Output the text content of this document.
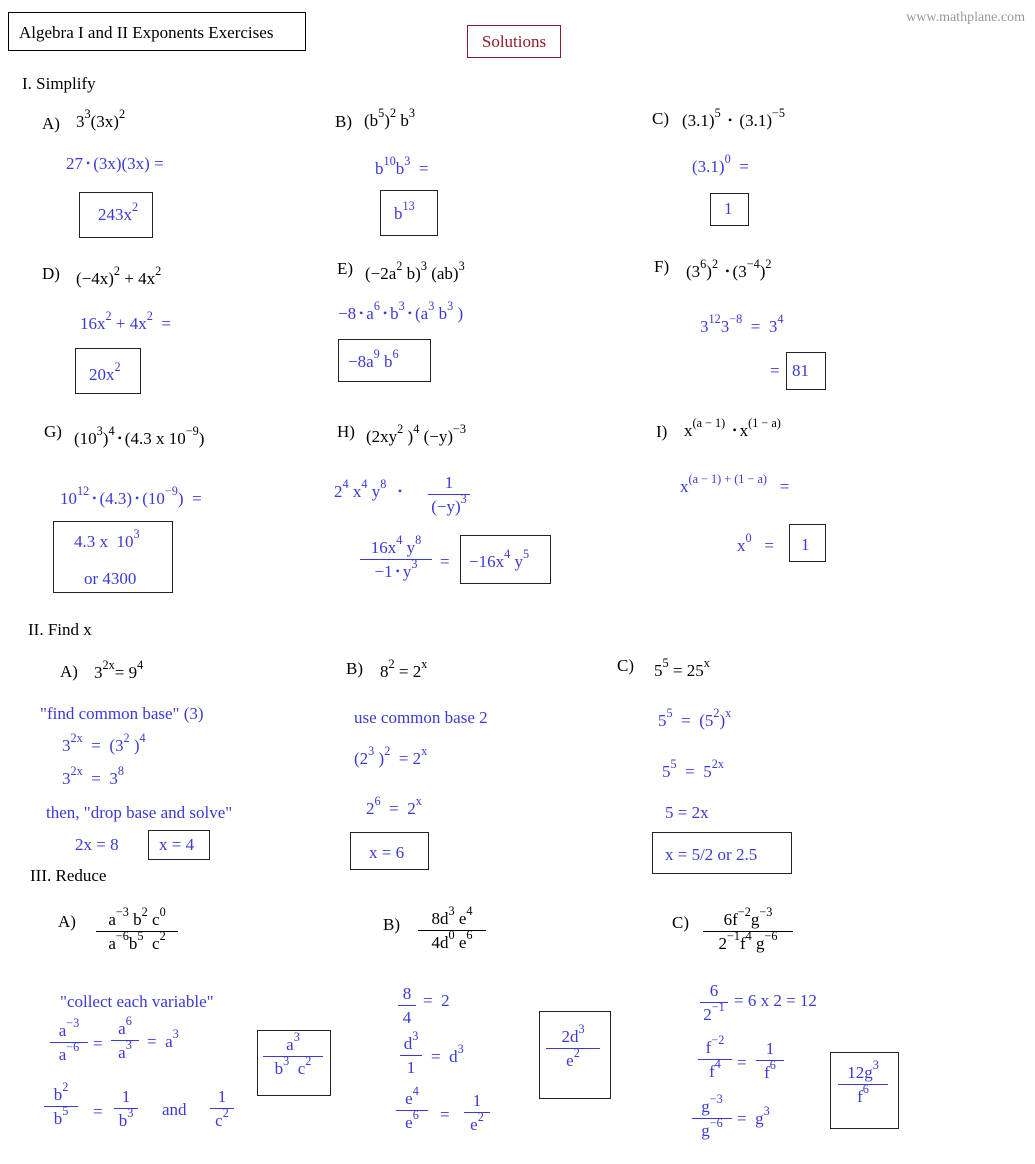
Algebra I and II Exponents Exercises	Solutions
www.mathplane.com
I. Simplify
A) $3^3(3x)^2$
27 • (3x)(3x) =
$243x^2$
B) $(b^5)^2$ $b^3$
$b^{10}b^3$  =
$b^{13}$
C) $(3.1)^5$ • $(3.1)^{-5}$
$(3.1)^0$  =
1
D) $(-4x)^2 + 4x^2$
$16x^2 + 4x^2$  =
$20x^2$
E) ($-2a^2$ b)$^3$ (ab)$^3$
−8 • $a^6•$ $b^3•$ ($a^3$ $b^3$ )
$-8a^9$ $b^6$
F) $(3^6)^2$ • $(3^{-4})^2$
$3^{12}3^{-8} = 3^4$
= 81
G) $(10^3)^4•$ (4.3 x $10^{-9}$)
$10^{12}•$ (4.3) • $(10^{-9})$  =
4.3 x  $10^3$
or 4300
H) ($2xy^2$ )$^4$ $(-y)^{-3}$
$2^4$ $x^4$ $y^8$  •	1
$(-y)^3$
$16x^4$ $y^8$
−1 • $y^3$	= $-16x^4$ $y^5$
I) $x^{(a - 1)}$ • $x^{(1 - a)}$
$x^{(a - 1) + (1 - a)}$   =
$x^0 = 1$
II. Find x
A) $3^{2x}= 9^4$
"find common base" (3)
$3^{2x} = (3^2$ )$^4$
$3^{2x} = 3^8$
then, "drop base and solve"
2x = 8 x = 4
B) $8^2 = 2^x$
use common base 2
($2^3$ )$^2 = 2^x$
$2^6 = 2^x$
x = 6
C) $5^5 = 25^x$
$5^5 = (5^2)^x$
$5^5 = 5^{2x}$
5 = 2x
x = 5/2 or 2.5
III. Reduce
A)	$a^{-3}$ $b^2$ $c^0$
$a^{-6}b^5$  $c^2$
"collect each variable"
$a^{-3}$
$a^{-6}$ =
$a^6$
$a^3 = a^3$
$b^2$
$b^5$	=
1
$b^3$ and
1
$c^2$
$a^3$
$b^3$  $c^2$
B)	$8d^3$ $e^4$
$4d^0$ $e^6$
8
4
=  2
$d^3$
1
=  $d^3$
$e^4$
$e^6$	=
1
$e^2$
$2d^3$
$e^2$
C)	$6f^{-2}g^{-3}$
$2^{-1}f^4$ $g^{-6}$
6
$2^{-1} = 6$ x 2 = 12
$f^{-2}$
$f^4$ =
1
$f^6$
$g^{-3}$
$g^{-6} = g^3$
$12g^3$
$f^6$
